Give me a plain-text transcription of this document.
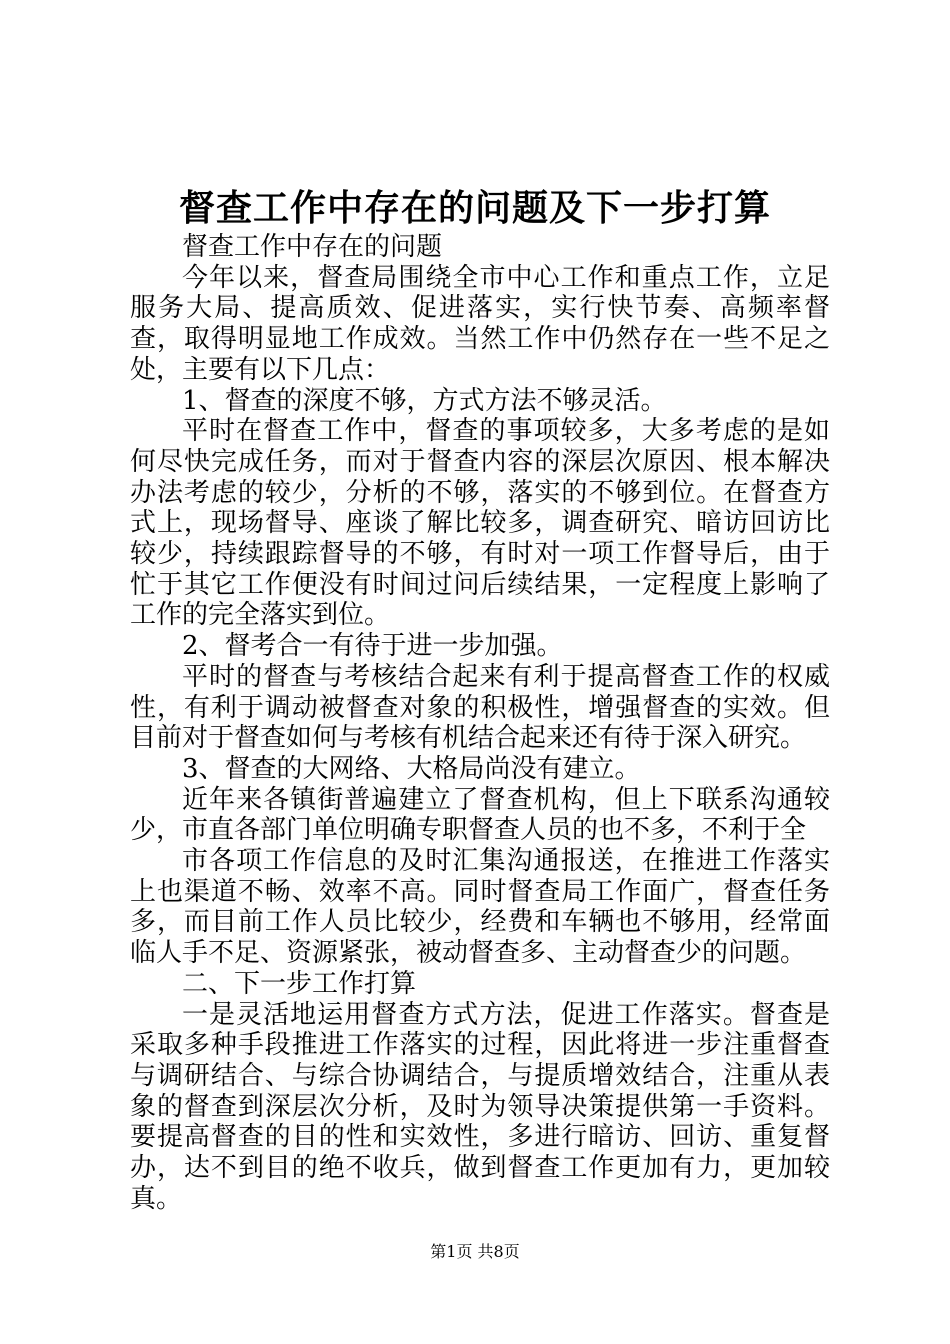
督查工作中存在的问题及下一步打算

督查工作中存在的问题

今年以来，督查局围绕全市中心工作和重点工作，立足服务大局、提高质效、促进落实，实行快节奏、高频率督查，取得明显地工作成效。当然工作中仍然存在一些不足之处，主要有以下几点：

1、督查的深度不够，方式方法不够灵活。

平时在督查工作中，督查的事项较多，大多考虑的是如何尽快完成任务，而对于督查内容的深层次原因、根本解决办法考虑的较少，分析的不够，落实的不够到位。在督查方式上，现场督导、座谈了解比较多，调查研究、暗访回访比较少，持续跟踪督导的不够，有时对一项工作督导后，由于忙于其它工作便没有时间过问后续结果，一定程度上影响了工作的完全落实到位。

2、督考合一有待于进一步加强。

平时的督查与考核结合起来有利于提高督查工作的权威性，有利于调动被督查对象的积极性，增强督查的实效。但目前对于督查如何与考核有机结合起来还有待于深入研究。

3、督查的大网络、大格局尚没有建立。

近年来各镇街普遍建立了督查机构，但上下联系沟通较少，市直各部门单位明确专职督查人员的也不多，不利于全

市各项工作信息的及时汇集沟通报送，在推进工作落实上也渠道不畅、效率不高。同时督查局工作面广，督查任务多，而目前工作人员比较少，经费和车辆也不够用，经常面临人手不足、资源紧张，被动督查多、主动督查少的问题。

二、下一步工作打算

一是灵活地运用督查方式方法，促进工作落实。督查是采取多种手段推进工作落实的过程，因此将进一步注重督查与调研结合、与综合协调结合，与提质增效结合，注重从表象的督查到深层次分析，及时为领导决策提供第一手资料。要提高督查的目的性和实效性，多进行暗访、回访、重复督办，达不到目的绝不收兵，做到督查工作更加有力，更加较真。

第1页 共8页
